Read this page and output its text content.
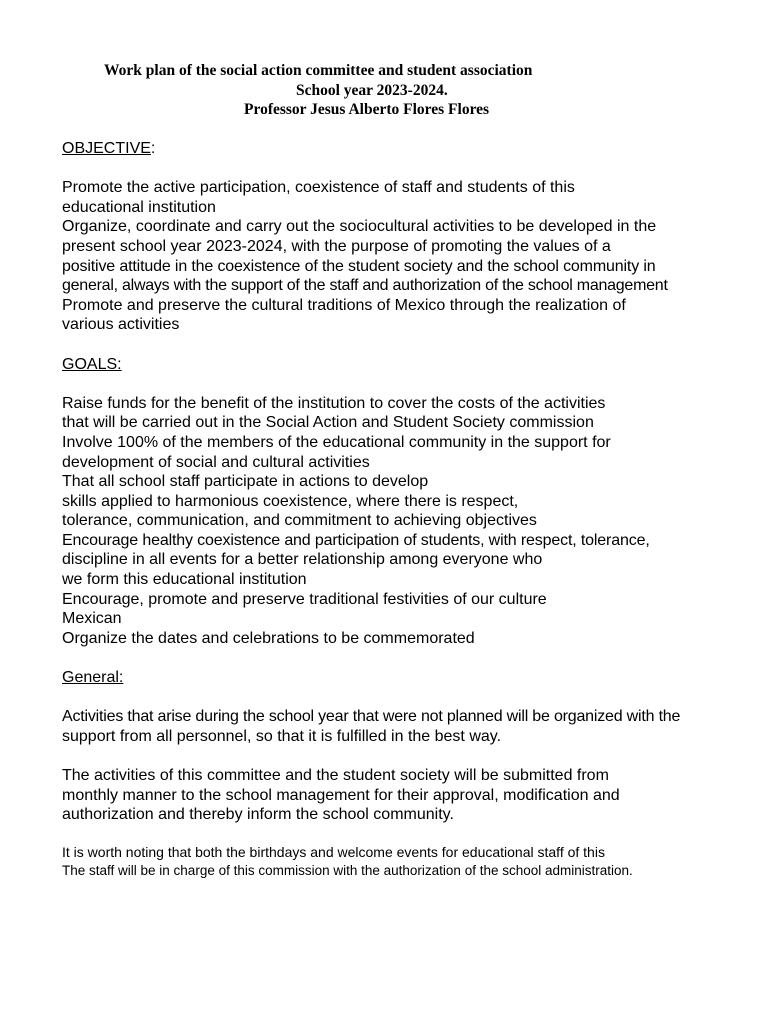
Work plan of the social action committee and student association
School year 2023-2024.
Professor Jesus Alberto Flores Flores
OBJECTIVE:
Promote the active participation, coexistence of staff and students of this
educational institution
Organize, coordinate and carry out the sociocultural activities to be developed in the
present school year 2023-2024, with the purpose of promoting the values of a
positive attitude in the coexistence of the student society and the school community in
general, always with the support of the staff and authorization of the school management
Promote and preserve the cultural traditions of Mexico through the realization of
various activities
GOALS:
Raise funds for the benefit of the institution to cover the costs of the activities
that will be carried out in the Social Action and Student Society commission
Involve 100% of the members of the educational community in the support for
development of social and cultural activities
That all school staff participate in actions to develop
skills applied to harmonious coexistence, where there is respect,
tolerance, communication, and commitment to achieving objectives
Encourage healthy coexistence and participation of students, with respect, tolerance,
discipline in all events for a better relationship among everyone who
we form this educational institution
Encourage, promote and preserve traditional festivities of our culture
Mexican
Organize the dates and celebrations to be commemorated
General:
Activities that arise during the school year that were not planned will be organized with the
support from all personnel, so that it is fulfilled in the best way.
The activities of this committee and the student society will be submitted from
monthly manner to the school management for their approval, modification and
authorization and thereby inform the school community.
It is worth noting that both the birthdays and welcome events for educational staff of this
The staff will be in charge of this commission with the authorization of the school administration.
